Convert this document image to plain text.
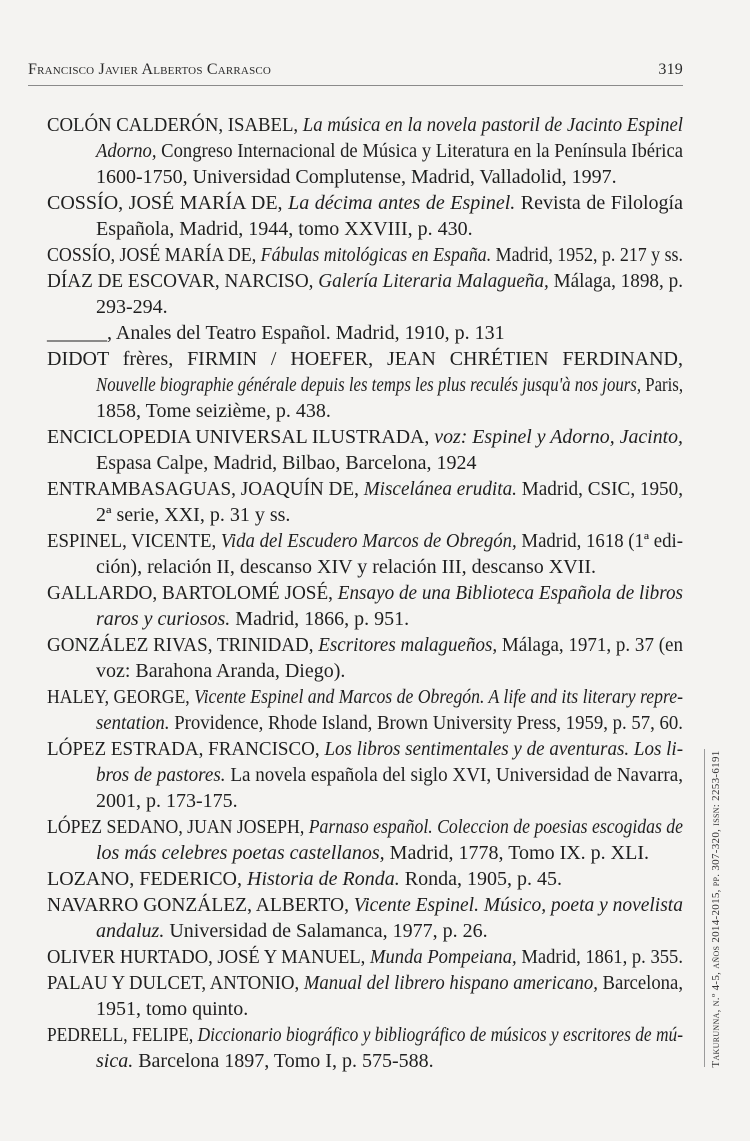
Francisco Javier Albertos Carrasco	319
COLÓN CALDERÓN, ISABEL, La música en la novela pastoril de Jacinto Espinel
Adorno, Congreso Internacional de Música y Literatura en la Península Ibérica
1600-1750, Universidad Complutense, Madrid, Valladolid, 1997.
COSSÍO, JOSÉ MARÍA DE, La décima antes de Espinel. Revista de Filología
Española, Madrid, 1944, tomo XXVIII, p. 430.
COSSÍO, JOSÉ MARÍA DE, Fábulas mitológicas en España. Madrid, 1952, p. 217 y ss.
DÍAZ DE ESCOVAR, NARCISO, Galería Literaria Malagueña, Málaga, 1898, p.
293-294.
______, Anales del Teatro Español. Madrid, 1910, p. 131
DIDOT frères, FIRMIN / HOEFER, JEAN CHRÉTIEN FERDINAND,
Nouvelle biographie générale depuis les temps les plus reculés jusqu'à nos jours, Paris,
1858, Tome seizième, p. 438.
ENCICLOPEDIA UNIVERSAL ILUSTRADA, voz: Espinel y Adorno, Jacinto,
Espasa Calpe, Madrid, Bilbao, Barcelona, 1924
ENTRAMBASAGUAS, JOAQUÍN DE, Miscelánea erudita. Madrid, CSIC, 1950,
2ª serie, XXI, p. 31 y ss.
ESPINEL, VICENTE, Vida del Escudero Marcos de Obregón, Madrid, 1618 (1ª edi-
ción), relación II, descanso XIV y relación III, descanso XVII.
GALLARDO, BARTOLOMÉ JOSÉ, Ensayo de una Biblioteca Española de libros
raros y curiosos. Madrid, 1866, p. 951.
GONZÁLEZ RIVAS, TRINIDAD, Escritores malagueños, Málaga, 1971, p. 37 (en
voz: Barahona Aranda, Diego).
HALEY, GEORGE, Vicente Espinel and Marcos de Obregón. A life and its literary repre-
sentation. Providence, Rhode Island, Brown University Press, 1959, p. 57, 60.
LÓPEZ ESTRADA, FRANCISCO, Los libros sentimentales y de aventuras. Los li-
bros de pastores. La novela española del siglo XVI, Universidad de Navarra,
2001, p. 173-175.
LÓPEZ SEDANO, JUAN JOSEPH, Parnaso español. Coleccion de poesias escogidas de
los más celebres poetas castellanos, Madrid, 1778, Tomo IX. p. XLI.
LOZANO, FEDERICO, Historia de Ronda. Ronda, 1905, p. 45.
NAVARRO GONZÁLEZ, ALBERTO, Vicente Espinel. Músico, poeta y novelista
andaluz. Universidad de Salamanca, 1977, p. 26.
OLIVER HURTADO, JOSÉ Y MANUEL, Munda Pompeiana, Madrid, 1861, p. 355.
PALAU Y DULCET, ANTONIO, Manual del librero hispano americano, Barcelona,
1951, tomo quinto.
PEDRELL, FELIPE, Diccionario biográfico y bibliográfico de músicos y escritores de mú-
sica. Barcelona 1897, Tomo I, p. 575-588.	Takurunna, n.º 4-5, años 2014-2015, pp. 307-320, issn: 2253-6191
